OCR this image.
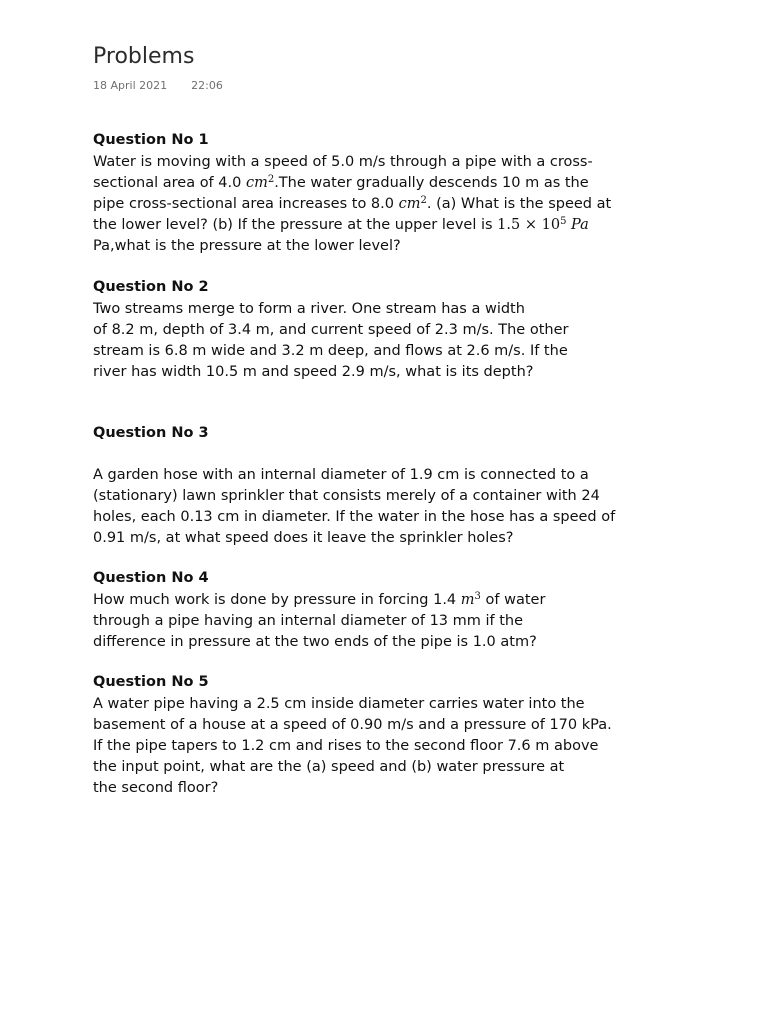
Problems
18 April 2021 22:06
Question No 1
Water is moving with a speed of 5.0 m/s through a pipe with a cross-
sectional area of 4.0 $cm^2.The$ water gradually descends 10 m as the
pipe cross-sectional area increases to 8.0 $cm^2$. (a) What is the speed at
the lower level? (b) If the pressure at the upper level is $1.5 \times 10^5$ Pa
Pa,what is the pressure at the lower level?
Question No 2
Two streams merge to form a river. One stream has a width
of 8.2 m, depth of 3.4 m, and current speed of 2.3 m/s. The other
stream is 6.8 m wide and 3.2 m deep, and flows at 2.6 m/s. If the
river has width 10.5 m and speed 2.9 m/s, what is its depth?
Question No 3
A garden hose with an internal diameter of 1.9 cm is connected to a
(stationary) lawn sprinkler that consists merely of a container with 24
holes, each 0.13 cm in diameter. If the water in the hose has a speed of
0.91 m/s, at what speed does it leave the sprinkler holes?
Question No 4
How much work is done by pressure in forcing 1.4 $m^3$ of water
through a pipe having an internal diameter of 13 mm if the
difference in pressure at the two ends of the pipe is 1.0 atm?
Question No 5
A water pipe having a 2.5 cm inside diameter carries water into the
basement of a house at a speed of 0.90 m/s and a pressure of 170 kPa.
If the pipe tapers to 1.2 cm and rises to the second floor 7.6 m above
the input point, what are the (a) speed and (b) water pressure at
the second floor?
